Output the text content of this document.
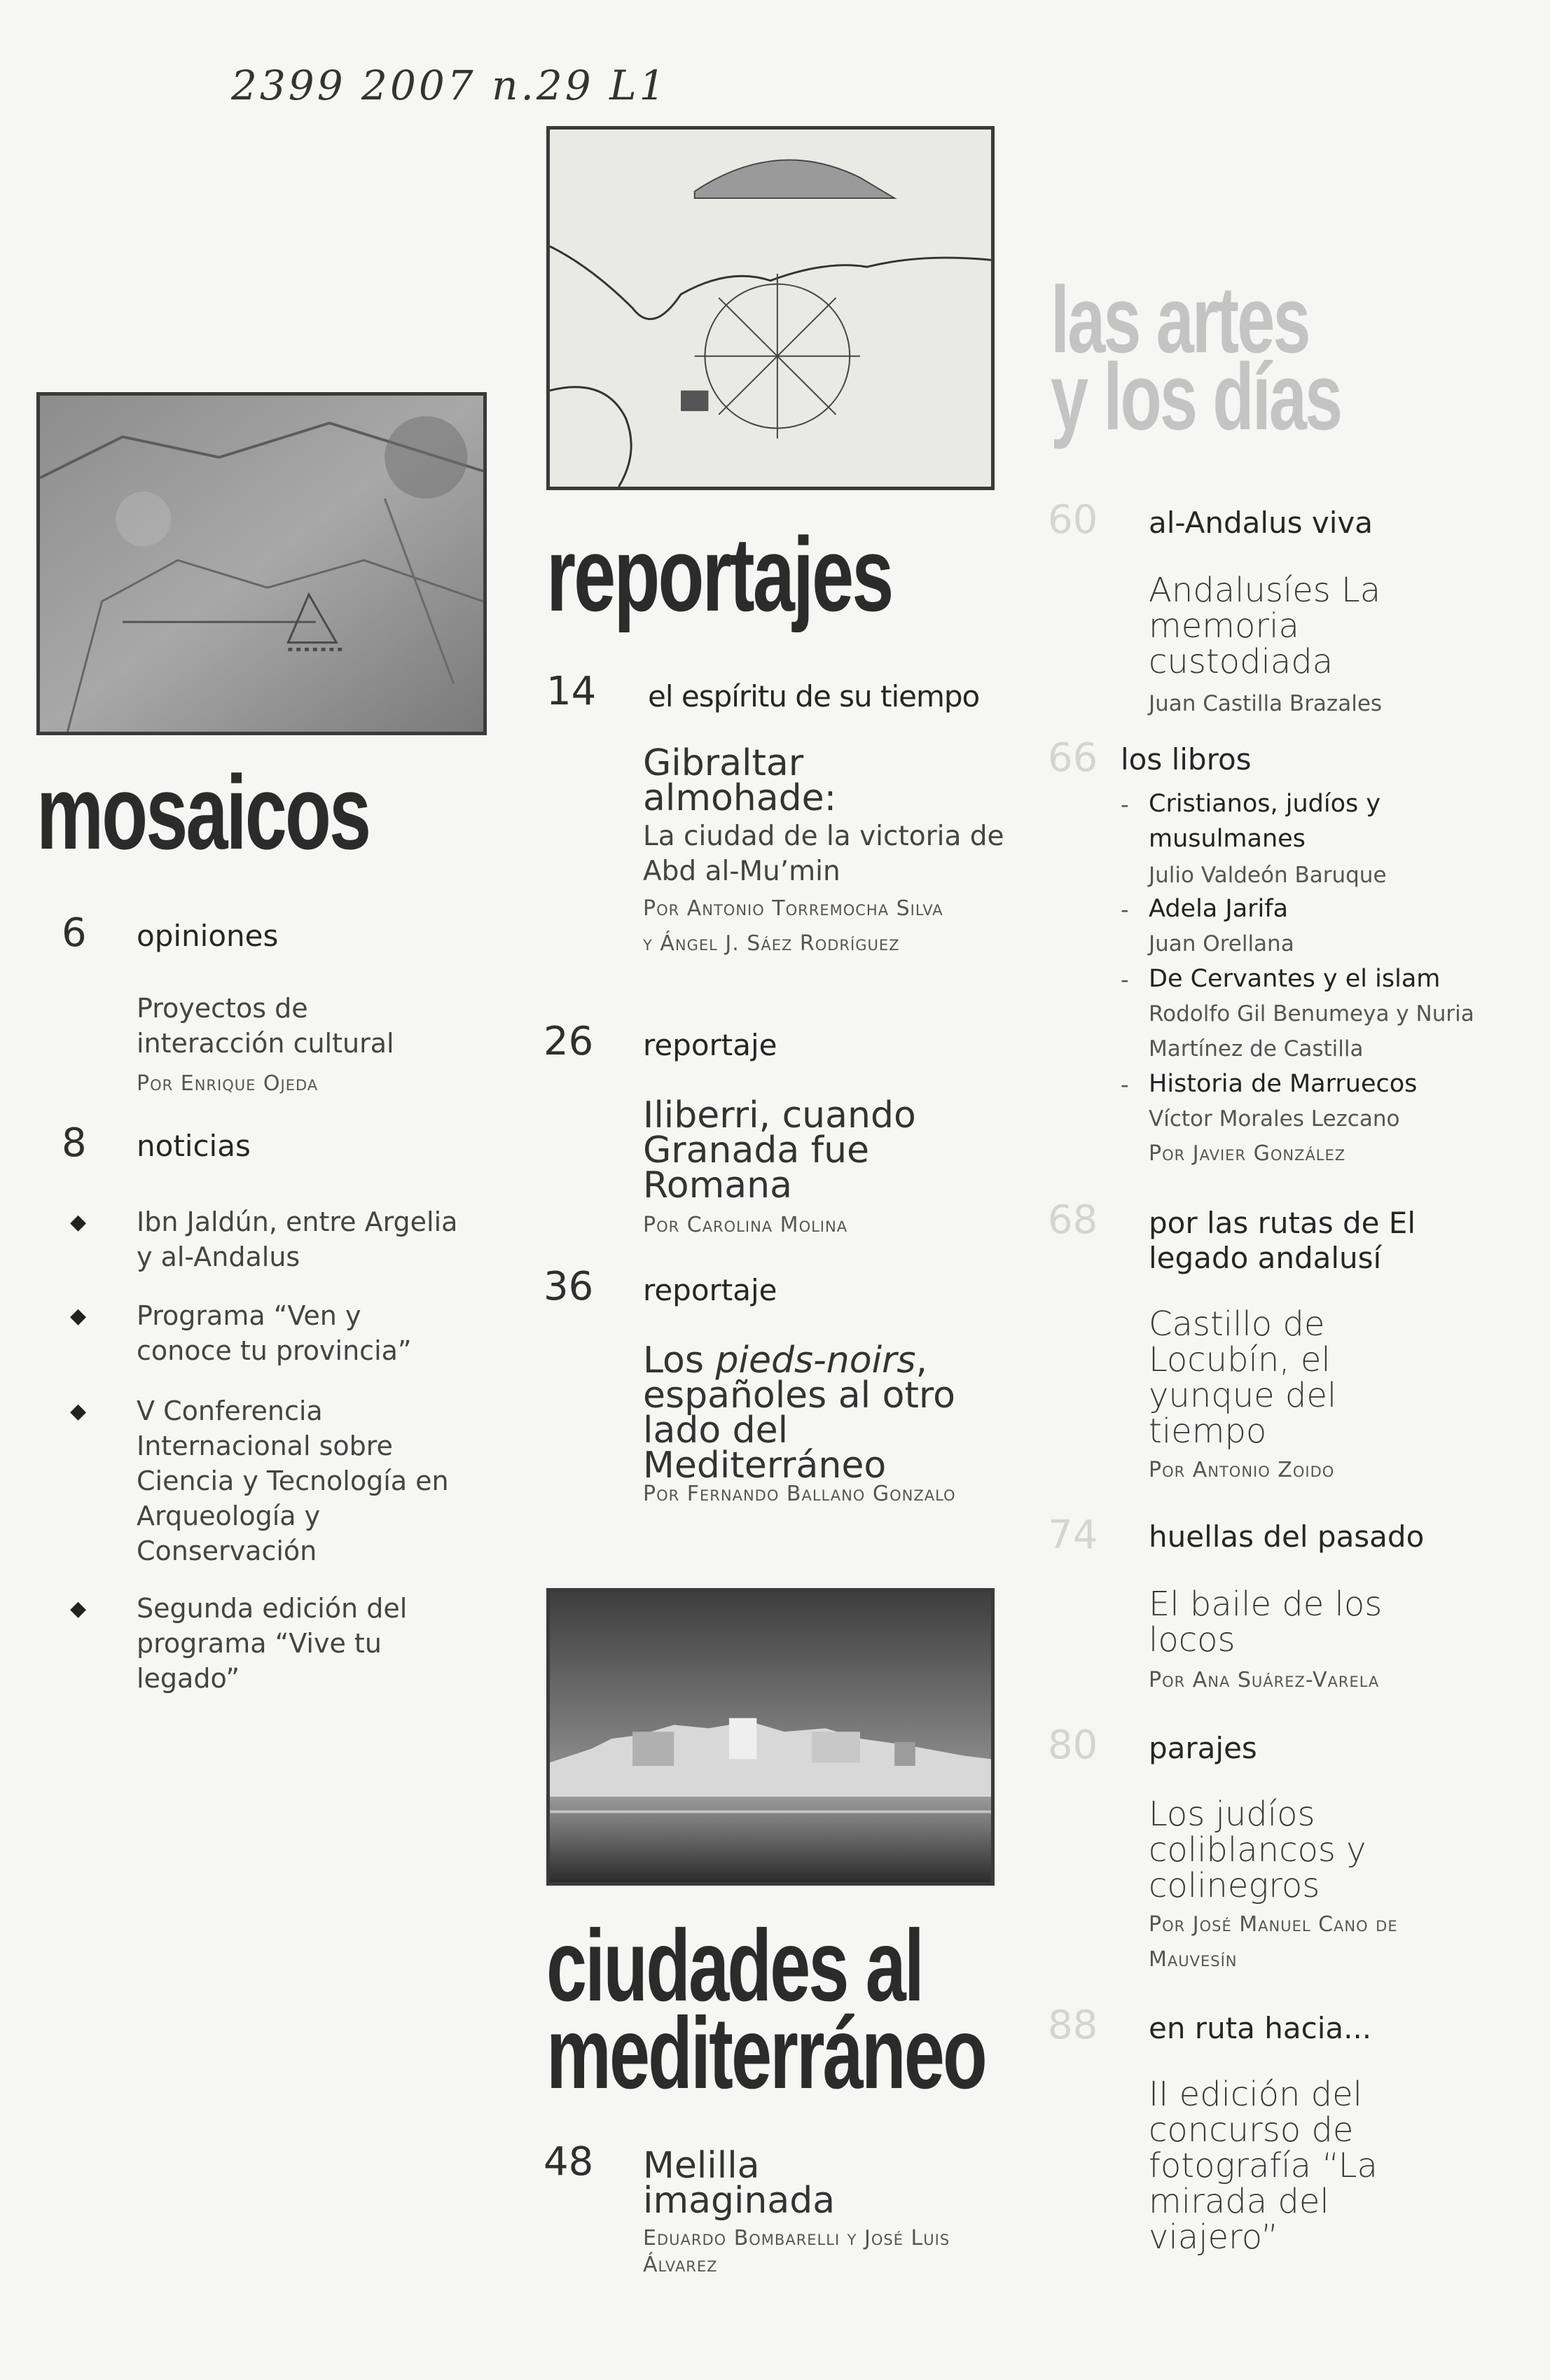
2399 2007 n.29 L1
mosaicos
reportajes
ciudades al
mediterráneo
las artes
y los días
6 opiniones
Proyectos de interacción cultural
Por Enrique Ojeda
8 noticias
◆ Ibn Jaldún, entre Argelia y al-Andalus
◆ Programa “Ven y conoce tu provincia”
◆ V Conferencia Internacional sobre Ciencia y Tecnología en Arqueología y Conservación
◆ Segunda edición del programa “Vive tu legado”
14 el espíritu de su tiempo
Gibraltar almohade:
La ciudad de la victoria de Abd al-Mu’min
Por Antonio Torremocha Silva y Ángel J. Sáez Rodríguez
26 reportaje
Iliberri, cuando Granada fue Romana
Por Carolina Molina
36 reportaje
Los pieds-noirs, españoles al otro lado del Mediterráneo
Por Fernando Ballano Gonzalo
48 Melilla imaginada
Eduardo Bombarelli y José Luis Álvarez
60 al-Andalus viva
Andalusíes La memoria custodiada
Juan Castilla Brazales
66 los libros
- Cristianos, judíos y musulmanes
Julio Valdeón Baruque
- Adela Jarifa
Juan Orellana
- De Cervantes y el islam
Rodolfo Gil Benumeya y Nuria Martínez de Castilla
- Historia de Marruecos
Víctor Morales Lezcano
Por Javier González
68 por las rutas de El legado andalusí
Castillo de Locubín, el yunque del tiempo
Por Antonio Zoido
74 huellas del pasado
El baile de los locos
Por Ana Suárez-Varela
80 parajes
Los judíos coliblancos y colinegros
Por José Manuel Cano de Mauvesín
88 en ruta hacia...
II edición del concurso de fotografía “La mirada del viajero”
